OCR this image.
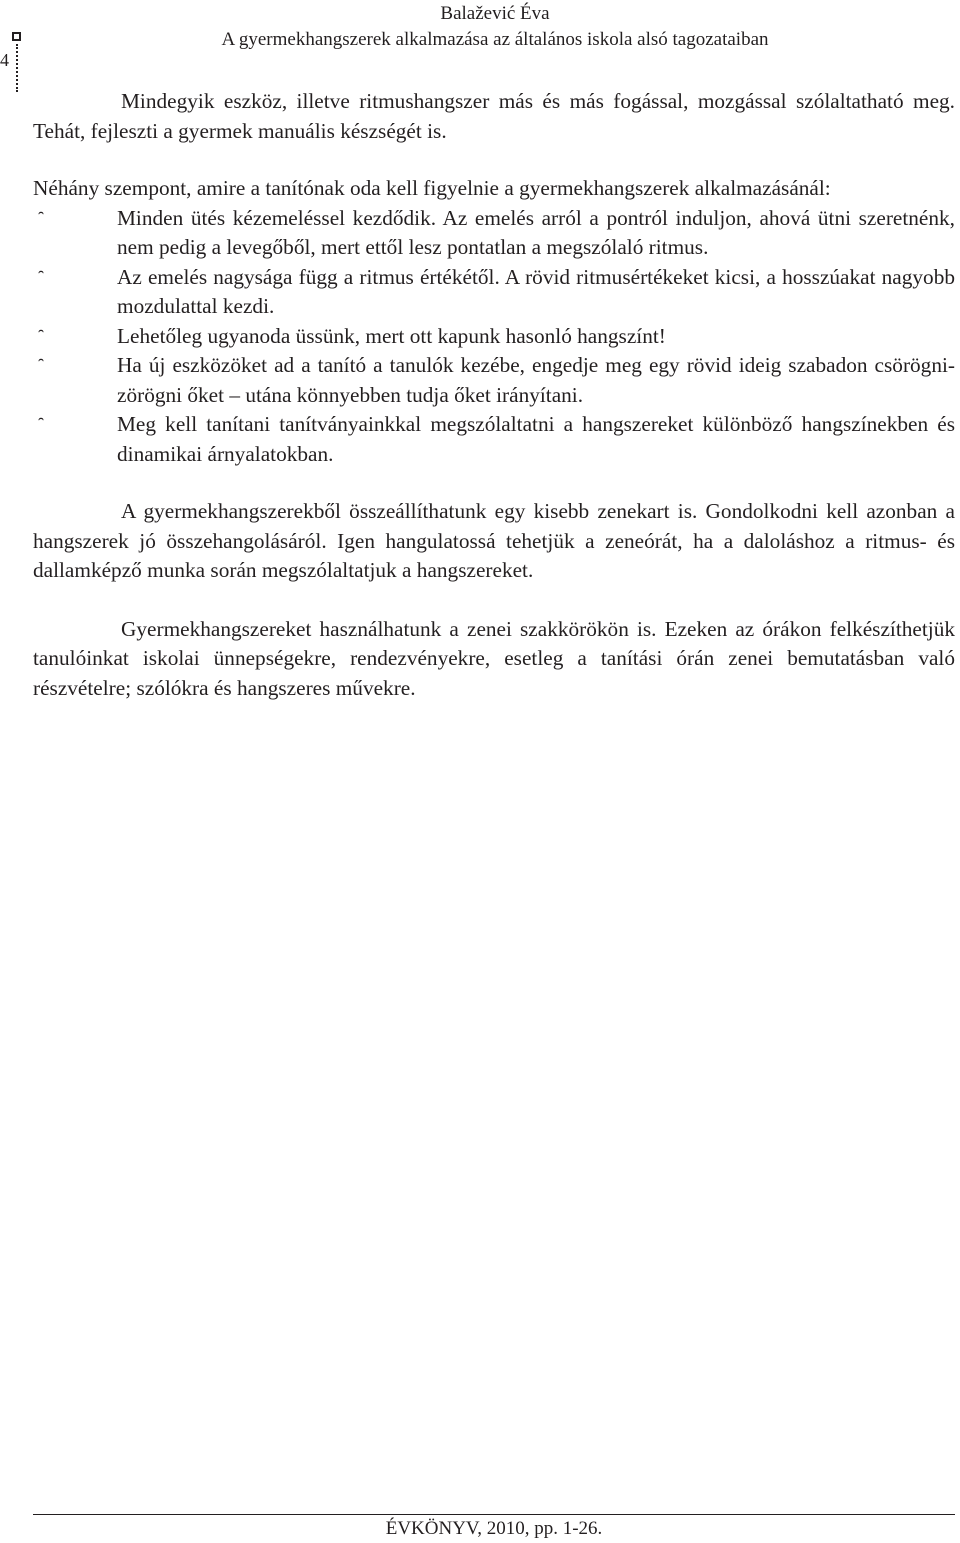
4
Balažević Éva
A gyermekhangszerek alkalmazása az általános iskola alsó tagozataiban

Mindegyik eszköz, illetve ritmushangszer más és más fogással, mozgással szólaltatható meg. Tehát, fejleszti a gyermek manuális készségét is.

Néhány szempont, amire a tanítónak oda kell figyelnie a gyermekhangszerek alkalmazásánál:

Minden ütés kézemeléssel kezdődik. Az emelés arról a pontról induljon, ahová ütni szeretnénk, nem pedig a levegőből, mert ettől lesz pontatlan a megszólaló ritmus.
Az emelés nagysága függ a ritmus értékétől. A rövid ritmusértékeket kicsi, a hosszúakat nagyobb mozdulattal kezdi.
Lehetőleg ugyanoda üssünk, mert ott kapunk hasonló hangszínt!
Ha új eszközöket ad a tanító a tanulók kezébe, engedje meg egy rövid ideig szabadon csörögni-zörögni őket – utána könnyebben tudja őket irányítani.
Meg kell tanítani tanítványainkkal megszólaltatni a hangszereket különböző hangszínekben és dinamikai árnyalatokban.

A gyermekhangszerekből összeállíthatunk egy kisebb zenekart is. Gondolkodni kell azonban a hangszerek jó összehangolásáról. Igen hangulatossá tehetjük a zeneórát, ha a daloláshoz a ritmus- és dallamképző munka során megszólaltatjuk a hangszereket.

Gyermekhangszereket használhatunk a zenei szakkörökön is. Ezeken az órákon felkészíthetjük tanulóinkat iskolai ünnepségekre, rendezvényekre, esetleg a tanítási órán zenei bemutatásban való részvételre; szólókra és hangszeres művekre.

ÉVKÖNYV, 2010, pp. 1-26.
